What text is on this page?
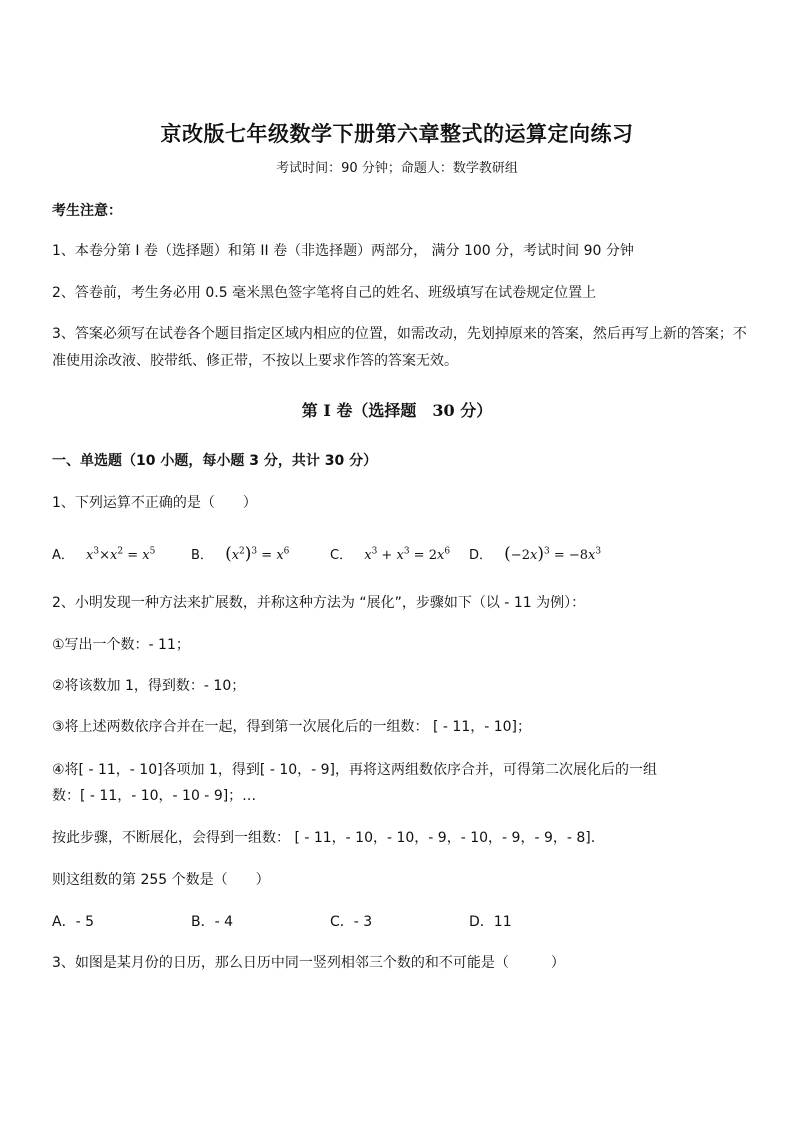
京改版七年级数学下册第六章整式的运算定向练习
考试时间：90 分钟；命题人：数学教研组
考生注意：
1、本卷分第 I 卷（选择题）和第 II 卷（非选择题）两部分， 满分 100 分，考试时间 90 分钟
2、答卷前，考生务必用 0.5 毫米黑色签字笔将自己的姓名、班级填写在试卷规定位置上
3、答案必须写在试卷各个题目指定区域内相应的位置，如需改动，先划掉原来的答案，然后再写上新的答案；不准使用涂改液、胶带纸、修正带，不按以上要求作答的答案无效。
第 I 卷（选择题　30 分）
一、单选题（10 小题，每小题 3 分，共计 30 分）
1、下列运算不正确的是（　　）
A． $x^3\times x^2 = x^5$	B． $(x^2)^3 = x^6$	C． $x^3 + x^3 = 2x^6$ D． $(-2x)^3 = -8x^3$
2、小明发现一种方法来扩展数，并称这种方法为 “展化”，步骤如下（以 - 11 为例）：
①写出一个数：- 11；
②将该数加 1，得到数：- 10；
③将上述两数依序合并在一起，得到第一次展化后的一组数： [ - 11，- 10]；
④将[ - 11，- 10]各项加 1，得到[ - 10，- 9]，再将这两组数依序合并，可得第二次展化后的一组
数：[ - 11，- 10，- 10 - 9]；…
按此步骤，不断展化，会得到一组数： [ - 11，- 10，- 10，- 9，- 10，- 9，- 9，- 8].
则这组数的第 255 个数是（　　）
A．- 5	B．- 4	C．- 3	D．11
3、如图是某月份的日历，那么日历中同一竖列相邻三个数的和不可能是（　　　）
